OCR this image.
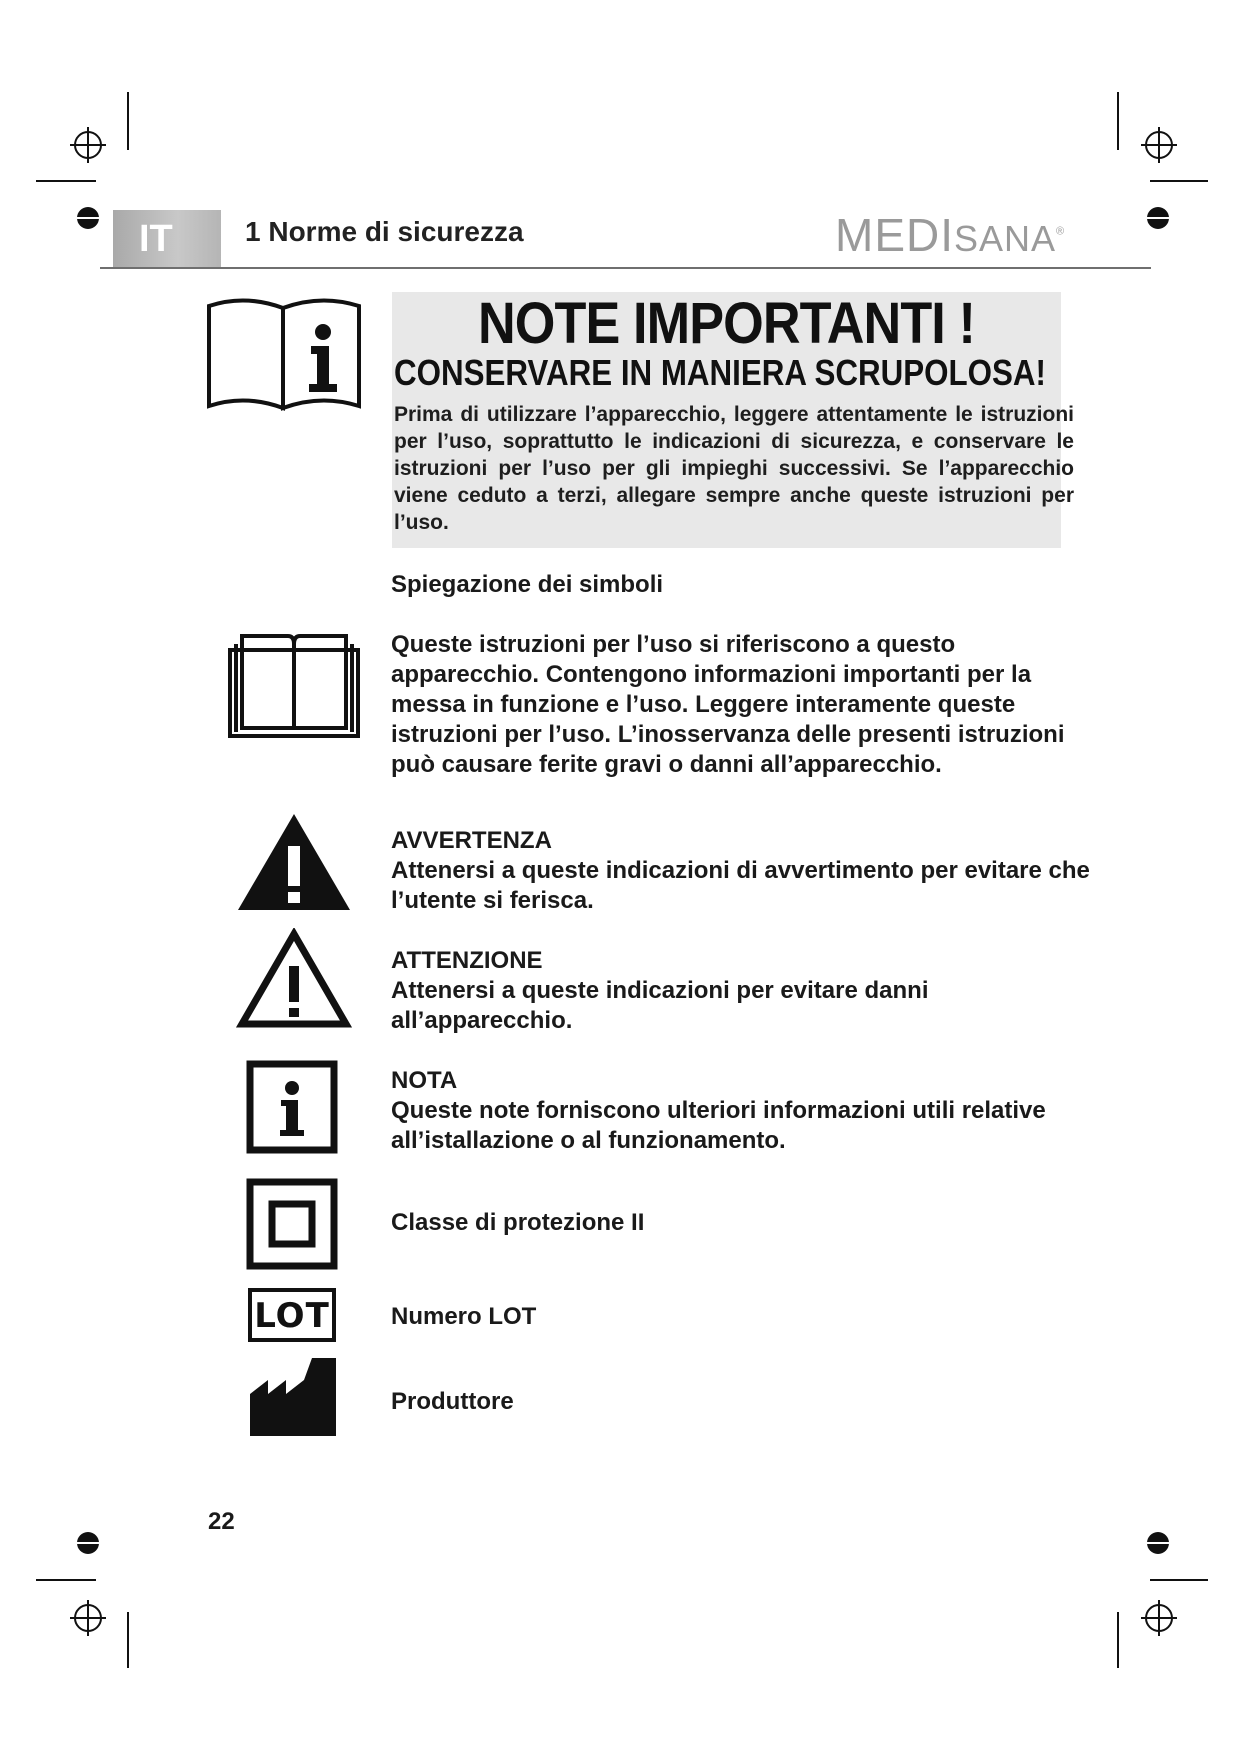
IT	1 Norme di sicurezza	MEDISANA®
NOTE IMPORTANTI !
CONSERVARE IN MANIERA SCRUPOLOSA!
Prima di utilizzare l’apparecchio, leggere attentamente le istruzioni per l’uso, soprattutto le indicazioni di sicurezza, e conservare le istruzioni per l’uso per gli impieghi successivi. Se l’apparecchio viene ceduto a terzi, allegare sempre anche queste istruzioni per l’uso.
Spiegazione dei simboli
Queste istruzioni per l’uso si riferiscono a questo apparecchio. Contengono informazioni importanti per la messa in funzione e l’uso. Leggere interamente queste istruzioni per l’uso. L’inosservanza delle presenti istruzioni può causare ferite gravi o danni all’apparecchio.
AVVERTENZA
Attenersi a queste indicazioni di avvertimento per evitare che l’utente si ferisca.
ATTENZIONE
Attenersi a queste indicazioni per evitare danni all’apparecchio.
NOTA
Queste note forniscono ulteriori informazioni utili relative all’istallazione o al funzionamento.
Classe di protezione II
LOT	Numero LOT
Produttore
22
